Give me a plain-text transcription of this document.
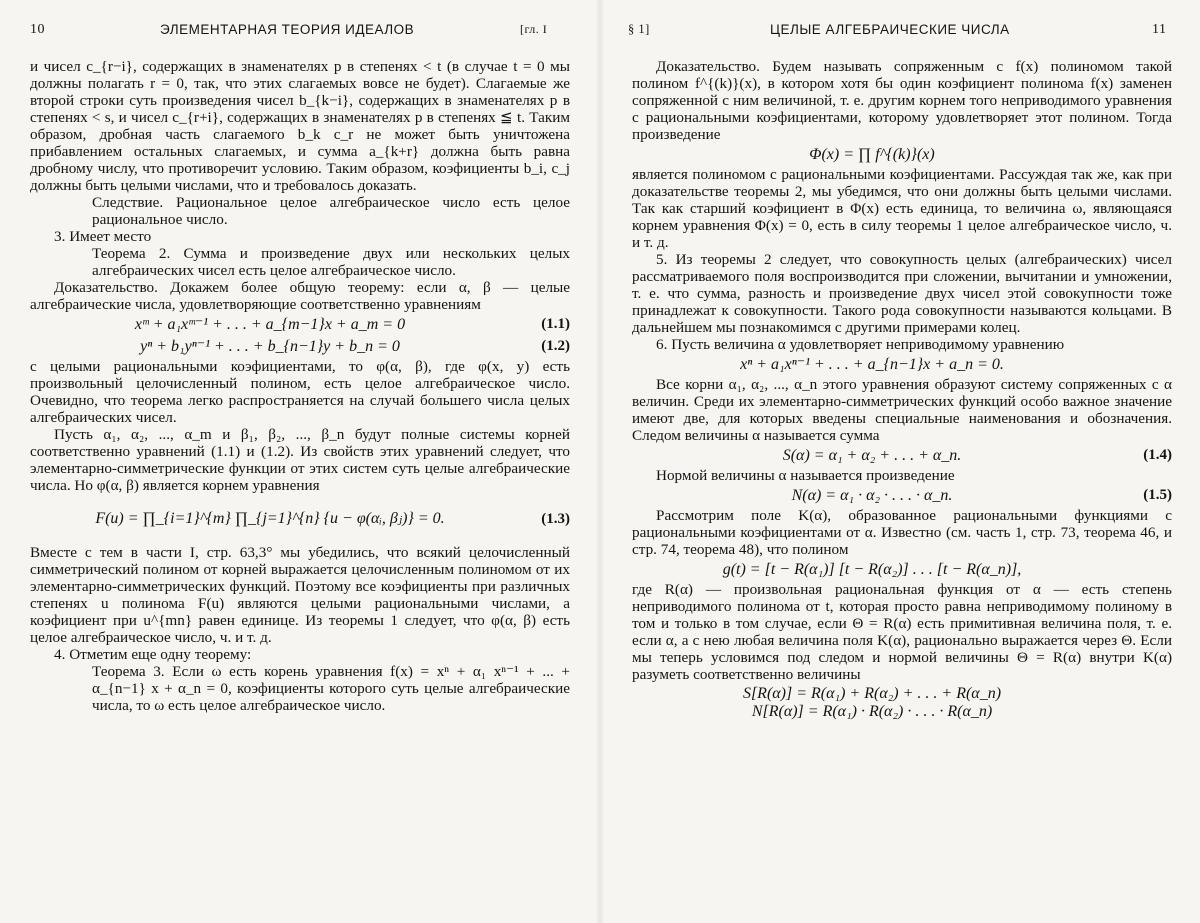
10	ЭЛЕМЕНТАРНАЯ ТЕОРИЯ ИДЕАЛОВ	[гл. I

и чисел c_{r−i}, содержащих в знаменателях p в степенях < t (в случае t = 0 мы должны полагать r = 0, так, что этих слагаемых вовсе не будет). Слагаемые же второй строки суть произведения чисел b_{k−i}, содержащих в знаменателях p в степенях < s, и чисел c_{r+i}, содержащих в знаменателях p в степенях ≦ t. Таким образом, дробная часть слагаемого b_k c_r не может быть уничтожена прибавлением остальных слагаемых, и сумма a_{k+r} должна быть равна дробному числу, что противоречит условию. Таким образом, коэфициенты b_i, c_j должны быть целыми числами, что и требовалось доказать.

Следствие. Рациональное целое алгебраическое число есть целое рациональное число.

3. Имеет место

Теорема 2. Сумма и произведение двух или нескольких целых алгебраических чисел есть целое алгебраическое число.

Доказательство. Докажем более общую теорему: если α, β — целые алгебраические числа, удовлетворяющие соответственно уравнениям

xᵐ + a₁xᵐ⁻¹ + . . . + a_{m−1}x + a_m = 0	(1.1)
yⁿ + b₁yⁿ⁻¹ + . . . + b_{n−1}y + b_n = 0	(1.2)

с целыми рациональными коэфициентами, то φ(α, β), где φ(x, y) есть произвольный целочисленный полином, есть целое алгебраическое число. Очевидно, что теорема легко распространяется на случай большего числа целых алгебраических чисел.

Пусть α₁, α₂, ..., α_m и β₁, β₂, ..., β_n будут полные системы корней соответственно уравнений (1.1) и (1.2). Из свойств этих уравнений следует, что элементарно-симметрические функции от этих систем суть целые алгебраические числа. Но φ(α, β) является корнем уравнения

F(u) = ∏_{i=1}^{m} ∏_{j=1}^{n} {u − φ(αᵢ, βⱼ)} = 0.	(1.3)

Вместе с тем в части I, стр. 63,3° мы убедились, что всякий целочисленный симметрический полином от корней выражается целочисленным полиномом от их элементарно-симметрических функций. Поэтому все коэфициенты при различных степенях u полинома F(u) являются целыми рациональными числами, а коэфициент при u^{mn} равен единице. Из теоремы 1 следует, что φ(α, β) есть целое алгебраическое число, ч. и т. д.

4. Отметим еще одну теорему:

Теорема 3. Если ω есть корень уравнения f(x) = xⁿ + α₁ xⁿ⁻¹ + ... + α_{n−1} x + α_n = 0, коэфициенты которого суть целые алгебраические числа, то ω есть целое алгебраическое число.

§ 1]	ЦЕЛЫЕ АЛГЕБРАИЧЕСКИЕ ЧИСЛА	11

Доказательство. Будем называть сопряженным с f(x) полиномом такой полином f^{(k)}(x), в котором хотя бы один коэфициент полинома f(x) заменен сопряженной с ним величиной, т. е. другим корнем того неприводимого уравнения с рациональными коэфициентами, которому удовлетворяет этот полином. Тогда произведение

Φ(x) = ∏ f^{(k)}(x)

является полиномом с рациональными коэфициентами. Рассуждая так же, как при доказательстве теоремы 2, мы убедимся, что они должны быть целыми числами. Так как старший коэфициент в Φ(x) есть единица, то величина ω, являющаяся корнем уравнения Φ(x) = 0, есть в силу теоремы 1 целое алгебраическое число, ч. и т. д.

5. Из теоремы 2 следует, что совокупность целых (алгебраических) чисел рассматриваемого поля воспроизводится при сложении, вычитании и умножении, т. е. что сумма, разность и произведение двух чисел этой совокупности тоже принадлежат к совокупности. Такого рода совокупности называются кольцами. В дальнейшем мы познакомимся с другими примерами колец.

6. Пусть величина α удовлетворяет неприводимому уравнению

xⁿ + a₁xⁿ⁻¹ + . . . + a_{n−1}x + a_n = 0.

Все корни α₁, α₂, ..., α_n этого уравнения образуют систему сопряженных с α величин. Среди их элементарно-симметрических функций особо важное значение имеют две, для которых введены специальные наименования и обозначения. Следом величины α называется сумма

S(α) = α₁ + α₂ + . . . + α_n.	(1.4)

Нормой величины α называется произведение

N(α) = α₁ · α₂ · . . . · α_n.	(1.5)

Рассмотрим поле K(α), образованное рациональными функциями с рациональными коэфициентами от α. Известно (см. часть 1, стр. 73, теорема 46, и стр. 74, теорема 48), что полином

g(t) = [t − R(α₁)] [t − R(α₂)] . . . [t − R(α_n)],

где R(α) — произвольная рациональная функция от α — есть степень неприводимого полинома от t, которая просто равна неприводимому полиному в том и только в том случае, если Θ = R(α) есть примитивная величина поля, т. е. если α, а с нею любая величина поля K(α), рационально выражается через Θ. Если мы теперь условимся под следом и нормой величины Θ = R(α) внутри K(α) разуметь соответственно величины

S[R(α)] = R(α₁) + R(α₂) + . . . + R(α_n)
N[R(α)] = R(α₁) · R(α₂) · . . . · R(α_n)
